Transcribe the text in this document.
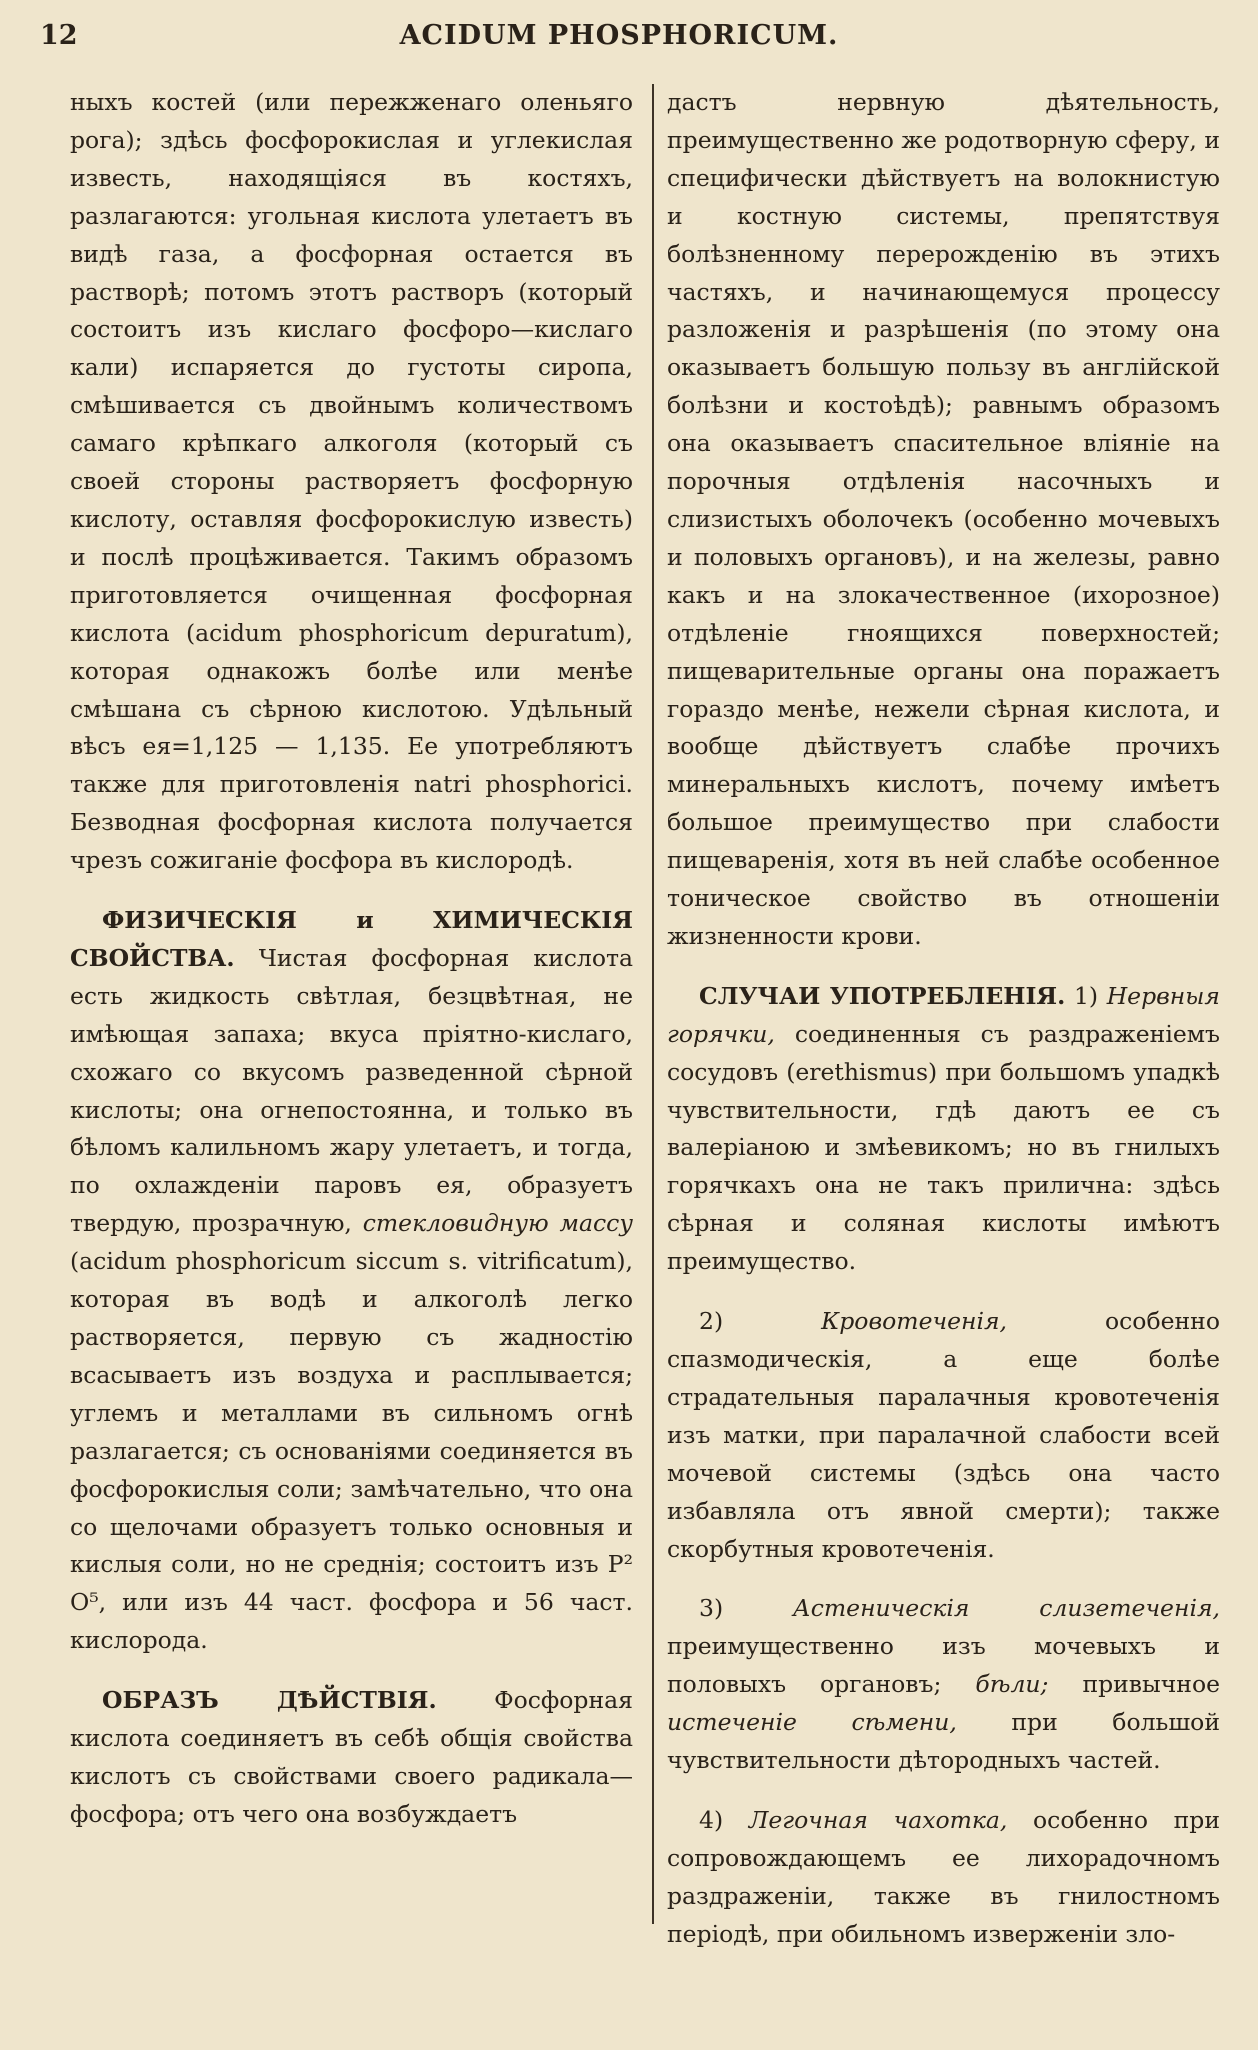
12	ACIDUM PHOSPHORICUM.

ныхъ костей (или пережженаго оленьяго рога); здѣсь фосфорокислая и углекислая известь, находящіяся въ костяхъ, разлагаются: угольная кислота улетаетъ въ видѣ газа, а фосфорная остается въ растворѣ; потомъ этотъ растворъ (который состоитъ изъ кислаго фосфоро—кислаго кали) испаряется до густоты сиропа, смѣшивается съ двойнымъ количествомъ самаго крѣпкаго алкоголя (который съ своей стороны растворяетъ фосфорную кислоту, оставляя фосфорокислую известь) и послѣ процѣживается. Такимъ образомъ приготовляется очищенная фосфорная кислота (acidum phosphoricum depuratum), которая однакожъ болѣе или менѣе смѣшана съ сѣрною кислотою. Удѣльный вѣсъ ея=1,125 — 1,135. Ее употребляютъ также для приготовленія natri phosphorici. Безводная фосфорная кислота получается чрезъ сожиганіе фосфора въ кислородѣ.

ФИЗИЧЕСКІЯ и ХИМИЧЕСКІЯ СВОЙСТВА. Чистая фосфорная кислота есть жидкость свѣтлая, безцвѣтная, не имѣющая запаха; вкуса пріятно-кислаго, схожаго со вкусомъ разведенной сѣрной кислоты; она огнепостоянна, и только въ бѣломъ калильномъ жару улетаетъ, и тогда, по охлажденіи паровъ ея, образуетъ твердую, прозрачную, стекловидную массу (acidum phosphoricum siccum s. vitrificatum), которая въ водѣ и алкоголѣ легко растворяется, первую съ жадностію всасываетъ изъ воздуха и расплывается; углемъ и металлами въ сильномъ огнѣ разлагается; съ основаніями соединяется въ фосфорокислыя соли; замѣчательно, что она со щелочами образуетъ только основныя и кислыя соли, но не среднія; состоитъ изъ P² O⁵, или изъ 44 част. фосфора и 56 част. кислорода.

ОБРАЗЪ ДѢЙСТВІЯ. Фосфорная кислота соединяетъ въ себѣ общія свойства кислотъ съ свойствами своего радикала—фосфора; отъ чего она возбуждаетъ

дастъ нервную дѣятельность, преимущественно же родотворную сферу, и специфически дѣйствуетъ на волокнистую и костную системы, препятствуя болѣзненному перерожденію въ этихъ частяхъ, и начинающемуся процессу разложенія и разрѣшенія (по этому она оказываетъ большую пользу въ англійской болѣзни и костоѣдѣ); равнымъ образомъ она оказываетъ спасительное вліяніе на порочныя отдѣленія насочныхъ и слизистыхъ оболочекъ (особенно мочевыхъ и половыхъ органовъ), и на железы, равно какъ и на злокачественное (ихорозное) отдѣленіе гноящихся поверхностей; пищеварительные органы она поражаетъ гораздо менѣе, нежели сѣрная кислота, и вообще дѣйствуетъ слабѣе прочихъ минеральныхъ кислотъ, почему имѣетъ большое преимущество при слабости пищеваренія, хотя въ ней слабѣе особенное тоническое свойство въ отношеніи жизненности крови.

СЛУЧАИ УПОТРЕБЛЕНІЯ. 1) Нервныя горячки, соединенныя съ раздраженіемъ сосудовъ (erethismus) при большомъ упадкѣ чувствительности, гдѣ даютъ ее съ валеріаною и змѣевикомъ; но въ гнилыхъ горячкахъ она не такъ прилична: здѣсь сѣрная и соляная кислоты имѣютъ преимущество.

2)	Кровотеченія,	особенно спазмодическія, а еще болѣе страдательныя паралачныя кровотеченія изъ матки, при паралачной слабости всей мочевой системы (здѣсь она часто избавляла отъ явной смерти); также скорбутныя кровотеченія.

3)	Астеническія слизетеченія, преимущественно изъ мочевыхъ и половыхъ органовъ; бѣли; привычное истеченіе сѣмени, при большой чувствительности дѣтородныхъ частей.

4) Легочная чахотка, особенно при сопровождающемъ ее лихорадочномъ раздраженіи, также въ гнилостномъ періодѣ, при обильномъ изверженіи зло-
